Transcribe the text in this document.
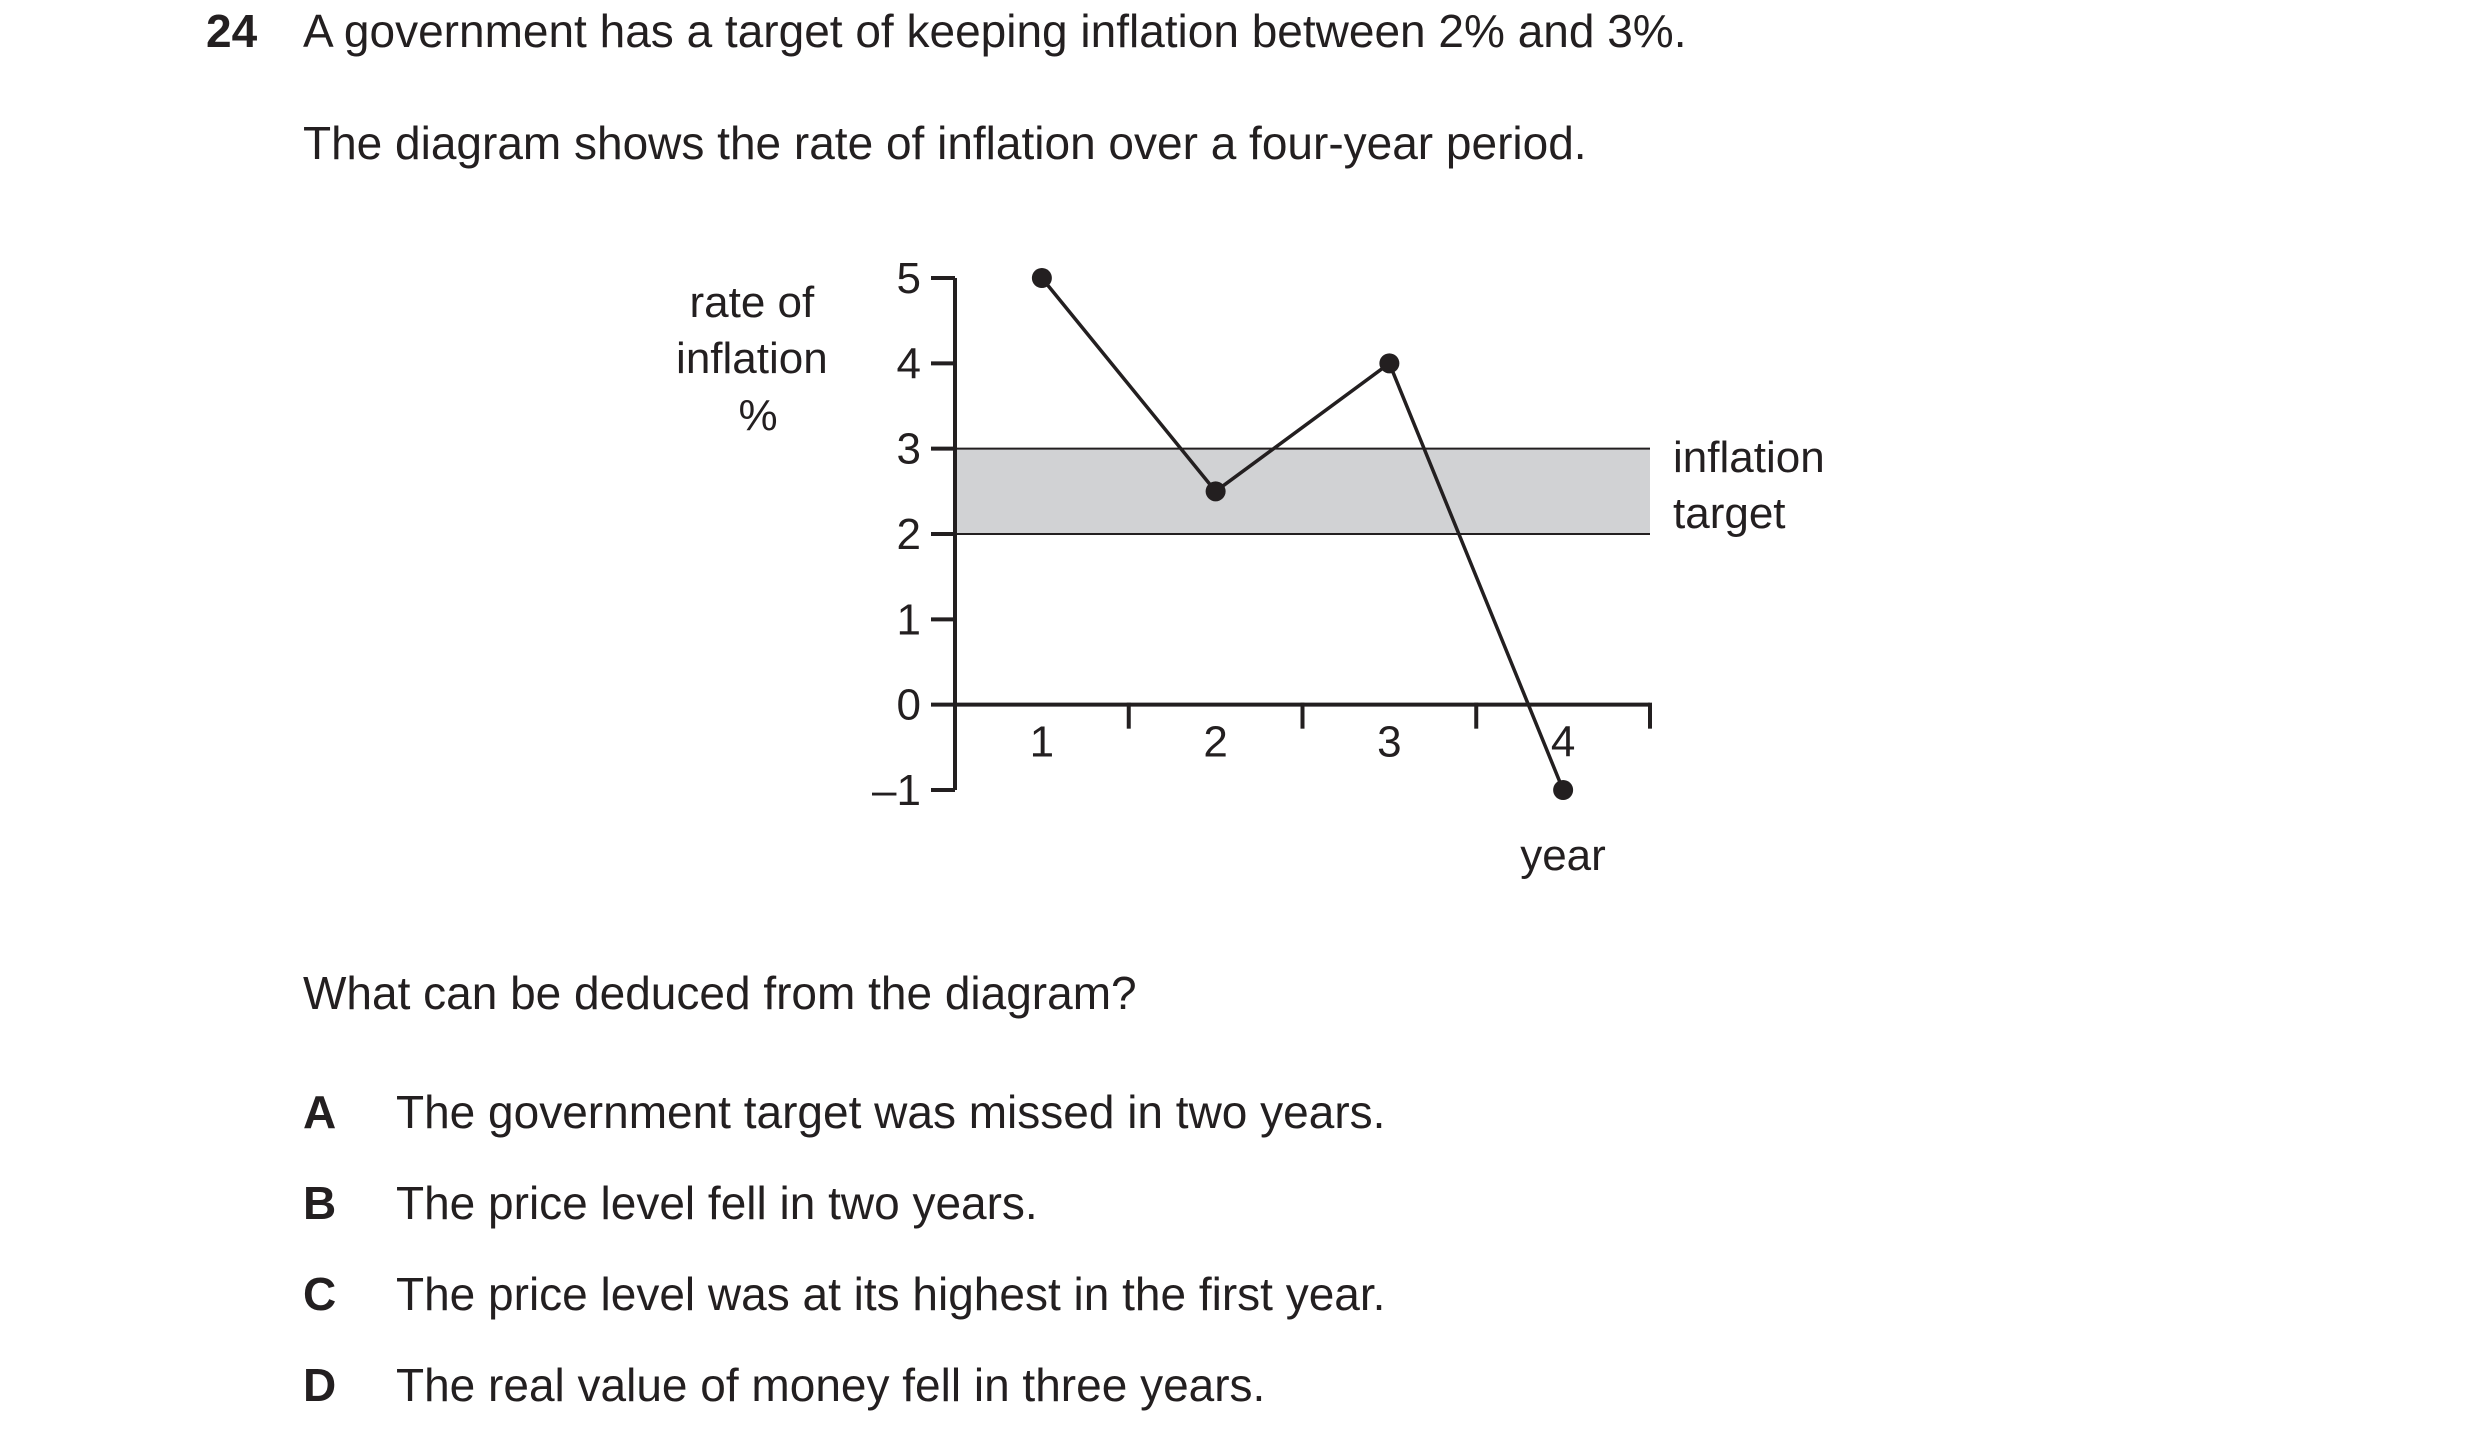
24 A government has a target of keeping inflation between 2% and 3%.
The diagram shows the rate of inflation over a four-year period.
5
4
3
2
1
0
–1
1	2	3	4
rate of inflation %
inflation target
year
What can be deduced from the diagram?
A The government target was missed in two years.
B The price level fell in two years.
C The price level was at its highest in the first year.
D The real value of money fell in three years.
